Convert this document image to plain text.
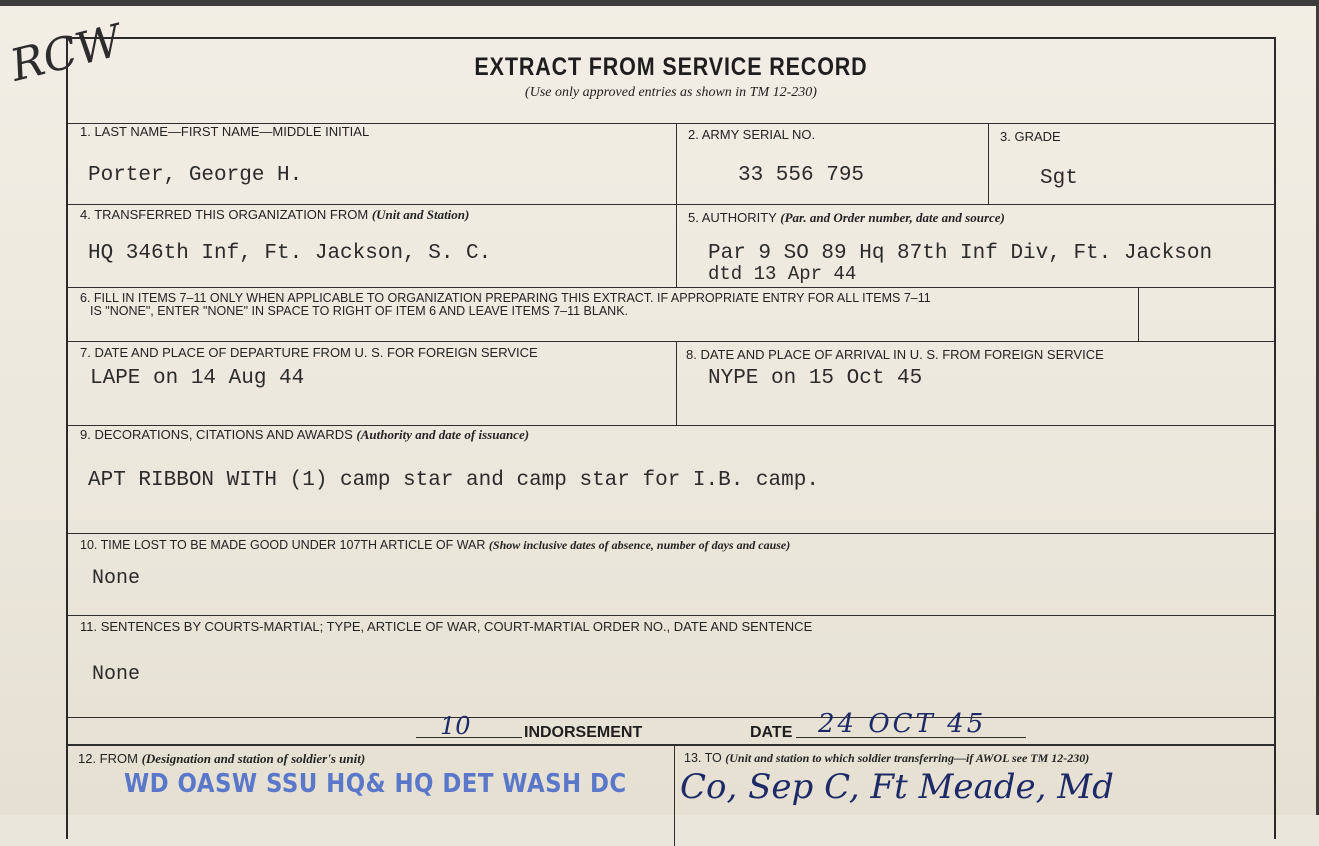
RCW	EXTRACT FROM SERVICE RECORD
(Use only approved entries as shown in TM 12-230)
1. LAST NAME—FIRST NAME—MIDDLE INITIAL
Porter, George H.
2. ARMY SERIAL NO.
33 556 795
3. GRADE
Sgt
4. TRANSFERRED THIS ORGANIZATION FROM (Unit and Station)
HQ 346th Inf, Ft. Jackson, S. C.
5. AUTHORITY (Par. and Order number, date and source)
Par 9 SO 89 Hq 87th Inf Div, Ft. Jackson
dtd 13 Apr 44
6. FILL IN ITEMS 7–11 ONLY WHEN APPLICABLE TO ORGANIZATION PREPARING THIS EXTRACT. IF APPROPRIATE ENTRY FOR ALL ITEMS 7–11
IS "NONE", ENTER "NONE" IN SPACE TO RIGHT OF ITEM 6 AND LEAVE ITEMS 7–11 BLANK.
7. DATE AND PLACE OF DEPARTURE FROM U. S. FOR FOREIGN SERVICE
LAPE on 14 Aug 44
8. DATE AND PLACE OF ARRIVAL IN U. S. FROM FOREIGN SERVICE
NYPE on 15 Oct 45
9. DECORATIONS, CITATIONS AND AWARDS (Authority and date of issuance)
APT RIBBON WITH (1) camp star and camp star for I.B. camp.
10. TIME LOST TO BE MADE GOOD UNDER 107TH ARTICLE OF WAR (Show inclusive dates of absence, number of days and cause)
None
11. SENTENCES BY COURTS-MARTIAL; TYPE, ARTICLE OF WAR, COURT-MARTIAL ORDER NO., DATE AND SENTENCE
None
10	INDORSEMENT	DATE 24 OCT 45
12. FROM (Designation and station of soldier's unit)
WD OASW SSU HQ& HQ DET WASH DC
13. TO (Unit and station to which soldier transferring—if AWOL see TM 12-230)
Co, Sep C, Ft Meade, Md
